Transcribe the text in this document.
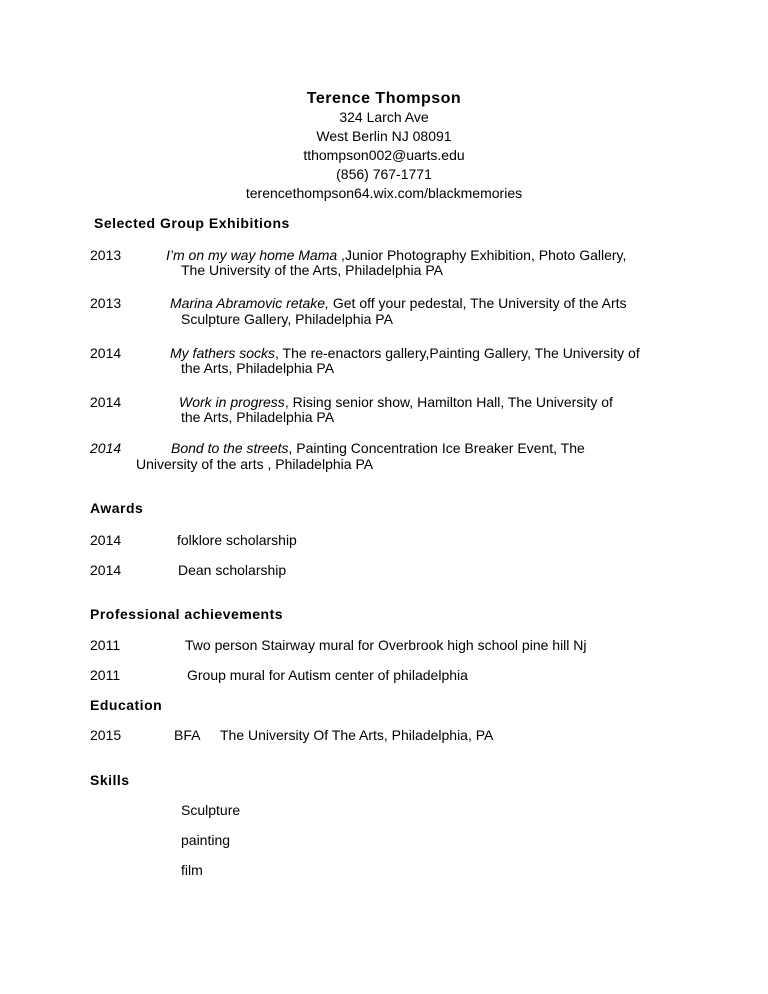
Terence Thompson
324 Larch Ave
West Berlin NJ 08091
tthompson002@uarts.edu
(856) 767-1771
terencethompson64.wix.com/blackmemories
Selected Group Exhibitions
2013	I’m on my way home Mama ,Junior Photography Exhibition, Photo Gallery,
The University of the Arts, Philadelphia PA
2013	Marina Abramovic retake, Get off your pedestal, The University of the Arts
Sculpture Gallery, Philadelphia PA
2014	My fathers socks, The re-enactors gallery,Painting Gallery, The University of
the Arts, Philadelphia PA
2014	Work in progress, Rising senior show, Hamilton Hall, The University of
the Arts, Philadelphia PA
2014	Bond to the streets, Painting Concentration Ice Breaker Event, The
University of the arts , Philadelphia PA
Awards
2014	folklore scholarship
2014	Dean scholarship
Professional achievements
2011	Two person Stairway mural for Overbrook high school pine hill Nj
2011	Group mural for Autism center of philadelphia
Education
2015	BFA The University Of The Arts, Philadelphia, PA
Skills
Sculpture
painting
film
